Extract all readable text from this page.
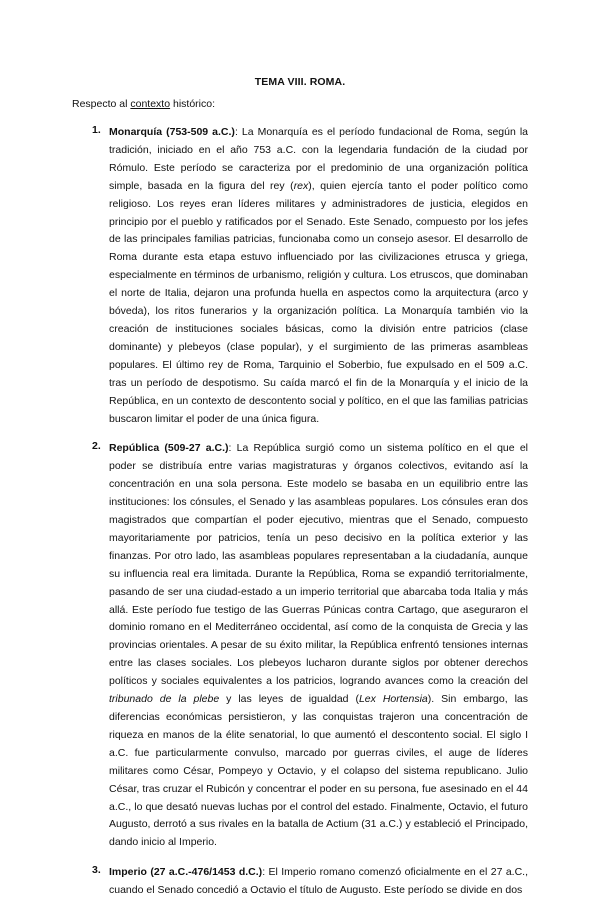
TEMA VIII. ROMA.
Respecto al contexto histórico:
1. Monarquía (753-509 a.C.): La Monarquía es el período fundacional de Roma, según la tradición, iniciado en el año 753 a.C. con la legendaria fundación de la ciudad por Rómulo. Este período se caracteriza por el predominio de una organización política simple, basada en la figura del rey (rex), quien ejercía tanto el poder político como religioso. Los reyes eran líderes militares y administradores de justicia, elegidos en principio por el pueblo y ratificados por el Senado. Este Senado, compuesto por los jefes de las principales familias patricias, funcionaba como un consejo asesor. El desarrollo de Roma durante esta etapa estuvo influenciado por las civilizaciones etrusca y griega, especialmente en términos de urbanismo, religión y cultura. Los etruscos, que dominaban el norte de Italia, dejaron una profunda huella en aspectos como la arquitectura (arco y bóveda), los ritos funerarios y la organización política. La Monarquía también vio la creación de instituciones sociales básicas, como la división entre patricios (clase dominante) y plebeyos (clase popular), y el surgimiento de las primeras asambleas populares. El último rey de Roma, Tarquinio el Soberbio, fue expulsado en el 509 a.C. tras un período de despotismo. Su caída marcó el fin de la Monarquía y el inicio de la República, en un contexto de descontento social y político, en el que las familias patricias buscaron limitar el poder de una única figura.
2. República (509-27 a.C.): La República surgió como un sistema político en el que el poder se distribuía entre varias magistraturas y órganos colectivos, evitando así la concentración en una sola persona. Este modelo se basaba en un equilibrio entre las instituciones: los cónsules, el Senado y las asambleas populares. Los cónsules eran dos magistrados que compartían el poder ejecutivo, mientras que el Senado, compuesto mayoritariamente por patricios, tenía un peso decisivo en la política exterior y las finanzas. Por otro lado, las asambleas populares representaban a la ciudadanía, aunque su influencia real era limitada. Durante la República, Roma se expandió territorialmente, pasando de ser una ciudad-estado a un imperio territorial que abarcaba toda Italia y más allá. Este período fue testigo de las Guerras Púnicas contra Cartago, que aseguraron el dominio romano en el Mediterráneo occidental, así como de la conquista de Grecia y las provincias orientales. A pesar de su éxito militar, la República enfrentó tensiones internas entre las clases sociales. Los plebeyos lucharon durante siglos por obtener derechos políticos y sociales equivalentes a los patricios, logrando avances como la creación del tribunado de la plebe y las leyes de igualdad (Lex Hortensia). Sin embargo, las diferencias económicas persistieron, y las conquistas trajeron una concentración de riqueza en manos de la élite senatorial, lo que aumentó el descontento social. El siglo I a.C. fue particularmente convulso, marcado por guerras civiles, el auge de líderes militares como César, Pompeyo y Octavio, y el colapso del sistema republicano. Julio César, tras cruzar el Rubicón y concentrar el poder en su persona, fue asesinado en el 44 a.C., lo que desató nuevas luchas por el control del estado. Finalmente, Octavio, el futuro Augusto, derrotó a sus rivales en la batalla de Actium (31 a.C.) y estableció el Principado, dando inicio al Imperio.
3. Imperio (27 a.C.-476/1453 d.C.): El Imperio romano comenzó oficialmente en el 27 a.C., cuando el Senado concedió a Octavio el título de Augusto. Este período se divide en dos
